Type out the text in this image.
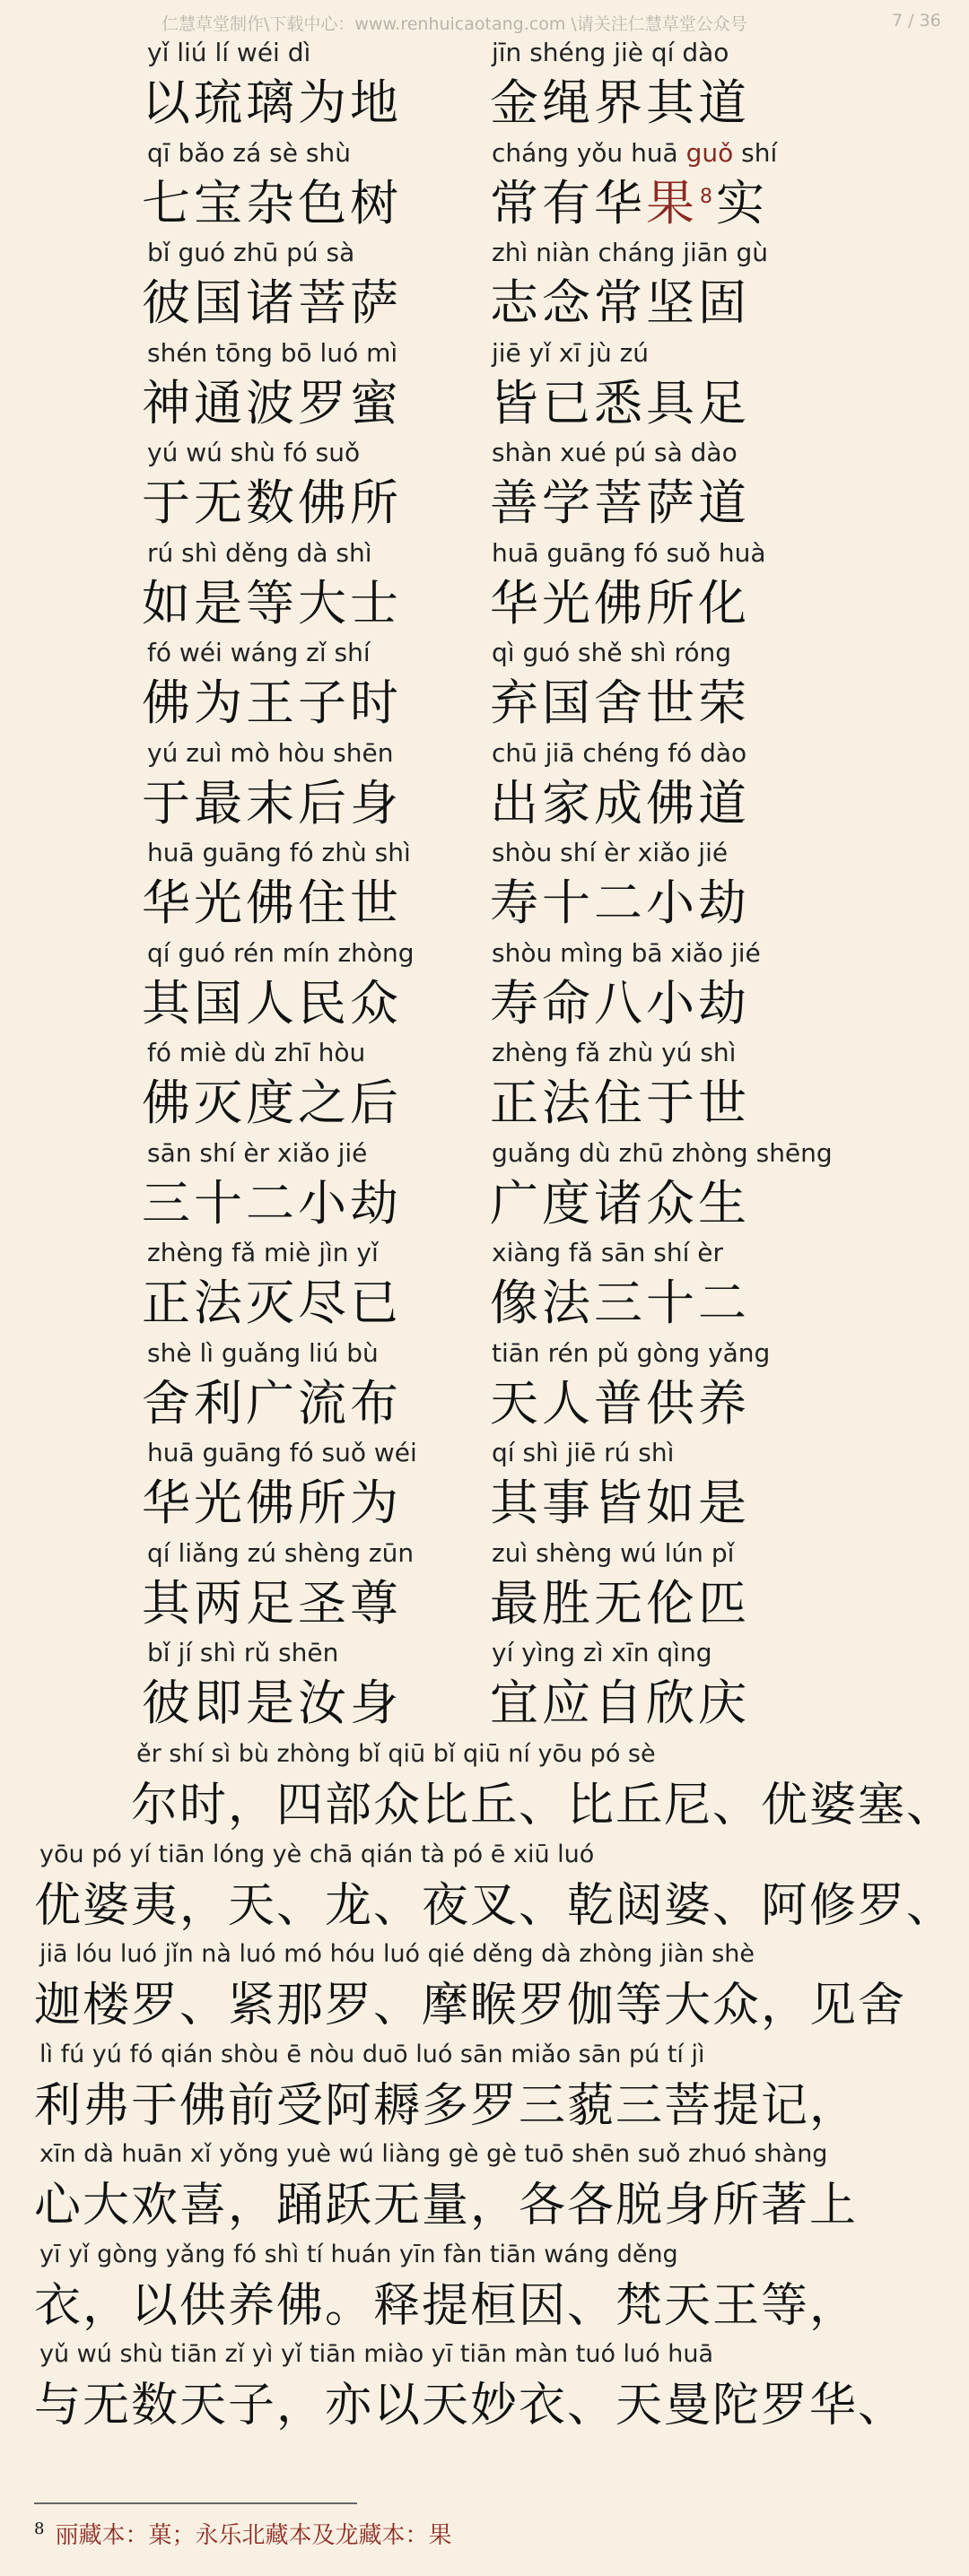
仁慧草堂制作\下载中心：www.renhuicaotang.com \请关注仁慧草堂公众号	7 / 36
yǐ liú lí wéi dì
以琉璃为地
jīn shéng jiè qí dào
金绳界其道
qī bǎo zá sè shù
七宝杂色树
cháng yǒu huā guǒ shí
常有华果$^8$实
bǐ guó zhū pú sà
彼国诸菩萨
zhì niàn cháng jiān gù
志念常坚固
shén tōng bō luó mì
神通波罗蜜
jiē yǐ xī jù zú
皆已悉具足
yú wú shù fó suǒ
于无数佛所
shàn xué pú sà dào
善学菩萨道
rú shì děng dà shì
如是等大士
huā guāng fó suǒ huà
华光佛所化
fó wéi wáng zǐ shí
佛为王子时
qì guó shě shì róng
弃国舍世荣
yú zuì mò hòu shēn
于最末后身
chū jiā chéng fó dào
出家成佛道
huā guāng fó zhù shì
华光佛住世
shòu shí èr xiǎo jié
寿十二小劫
qí guó rén mín zhòng
其国人民众
shòu mìng bā xiǎo jié
寿命八小劫
fó miè dù zhī hòu
佛灭度之后
zhèng fǎ zhù yú shì
正法住于世
sān shí èr xiǎo jié
三十二小劫
guǎng dù zhū zhòng shēng
广度诸众生
zhèng fǎ miè jìn yǐ
正法灭尽已
xiàng fǎ sān shí èr
像法三十二
shè lì guǎng liú bù
舍利广流布
tiān rén pǔ gòng yǎng
天人普供养
huā guāng fó suǒ wéi
华光佛所为
qí shì jiē rú shì
其事皆如是
qí liǎng zú shèng zūn
其两足圣尊
zuì shèng wú lún pǐ
最胜无伦匹
bǐ jí shì rǔ shēn
彼即是汝身
yí yìng zì xīn qìng
宜应自欣庆
ěr shí sì bù zhòng bǐ qiū bǐ qiū ní yōu pó sè
尔时，四部众比丘、比丘尼、优婆塞、
yōu pó yí tiān lóng yè chā qián tà pó ē xiū luó
优婆夷，天、龙、夜叉、乾闼婆、阿修罗、
jiā lóu luó jǐn nà luó mó hóu luó qié děng dà zhòng jiàn shè
迦楼罗、紧那罗、摩睺罗伽等大众，见舍
lì fú yú fó qián shòu ē nòu duō luó sān miǎo sān pú tí jì
利弗于佛前受阿耨多罗三藐三菩提记，
xīn dà huān xǐ yǒng yuè wú liàng gè gè tuō shēn suǒ zhuó shàng
心大欢喜，踊跃无量，各各脱身所著上
yī yǐ gòng yǎng fó shì tí huán yīn fàn tiān wáng děng
衣，以供养佛。释提桓因、梵天王等，
yǔ wú shù tiān zǐ yì yǐ tiān miào yī tiān màn tuó luó huā
与无数天子，亦以天妙衣、天曼陀罗华、
$^8$ 丽藏本：菓；永乐北藏本及龙藏本：果
